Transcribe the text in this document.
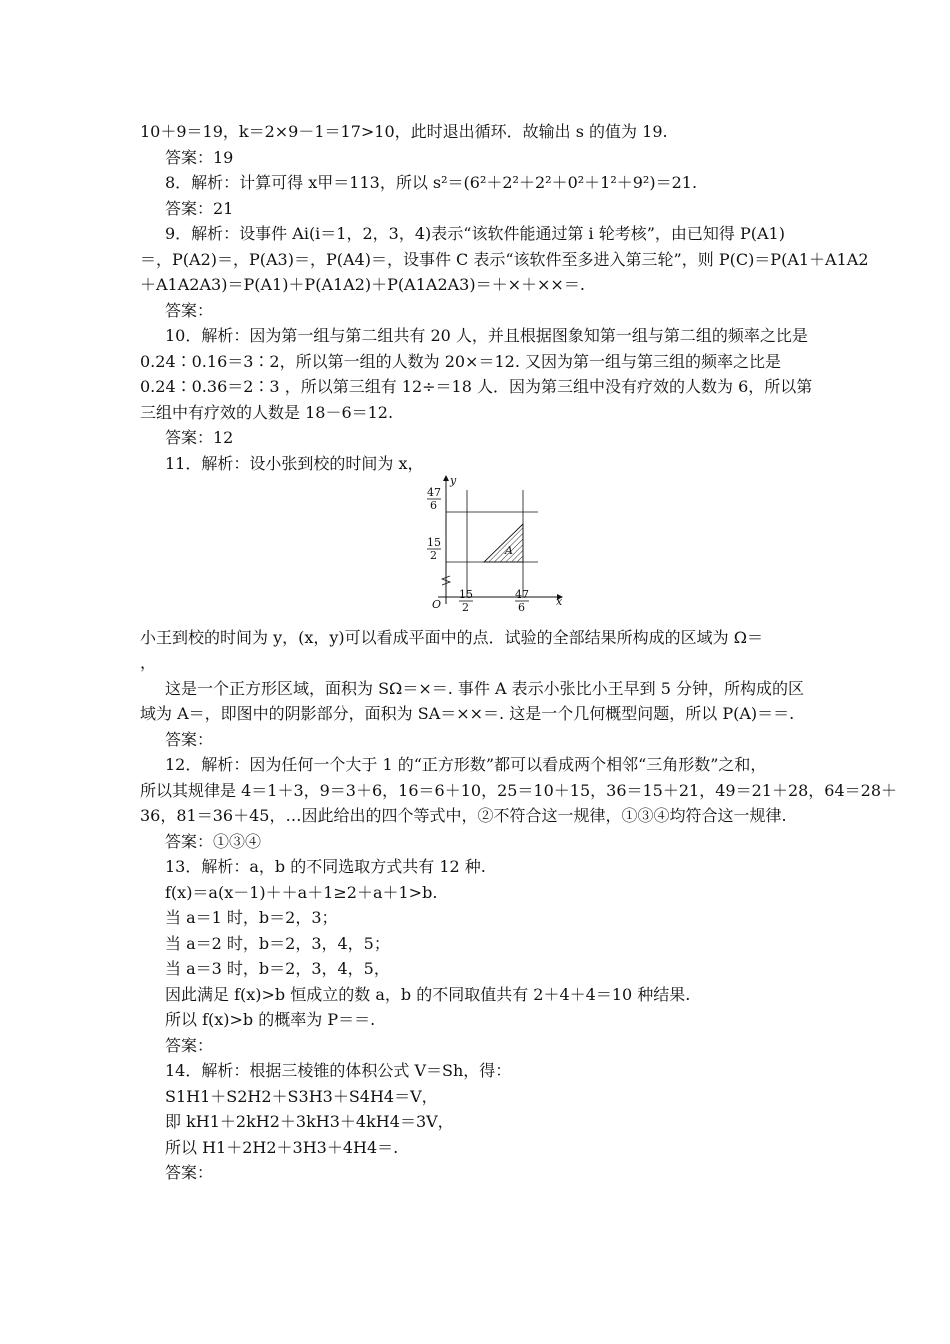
10＋9＝19，k＝2×9－1＝17>10，此时退出循环．故输出 s 的值为 19.
答案：19
8．解析：计算可得 x甲＝113，所以 s²＝(6²＋2²＋2²＋0²＋1²＋9²)＝21.
答案：21
9．解析：设事件 Ai(i＝1，2，3，4)表示“该软件能通过第 i 轮考核”，由已知得 P(A1)
＝，P(A2)＝，P(A3)＝，P(A4)＝，设事件 C 表示“该软件至多进入第三轮”，则 P(C)＝P(A1＋A1A2
＋A1A2A3)＝P(A1)＋P(A1A2)＋P(A1A2A3)＝＋×＋××＝.
答案：
10．解析：因为第一组与第二组共有 20 人，并且根据图象知第一组与第二组的频率之比是
0.24∶0.16＝3∶2，所以第一组的人数为 20×＝12. 又因为第一组与第三组的频率之比是
0.24∶0.36＝2∶3 ，所以第三组有 12÷＝18 人．因为第三组中没有疗效的人数为 6，所以第
三组中有疗效的人数是 18－6＝12.
答案：12
11．解析：设小张到校的时间为 x，
A
y
x
O
47
6
15
2
15
2
47
6
小王到校的时间为 y，(x，y)可以看成平面中的点．试验的全部结果所构成的区域为 Ω＝
，
这是一个正方形区域，面积为 SΩ＝×＝. 事件 A 表示小张比小王早到 5 分钟，所构成的区
域为 A＝，即图中的阴影部分，面积为 SA＝××＝. 这是一个几何概型问题，所以 P(A)＝＝.
答案：
12．解析：因为任何一个大于 1 的“正方形数”都可以看成两个相邻“三角形数”之和，
所以其规律是 4＝1＋3，9＝3＋6，16＝6＋10，25＝10＋15，36＝15＋21，49＝21＋28，64＝28＋
36，81＝36＋45，…因此给出的四个等式中，②不符合这一规律，①③④均符合这一规律.
答案：①③④
13．解析：a，b 的不同选取方式共有 12 种.
f(x)＝a(x－1)＋＋a＋1≥2＋a＋1>b.
当 a＝1 时，b＝2，3；
当 a＝2 时，b＝2，3，4，5；
当 a＝3 时，b＝2，3，4，5，
因此满足 f(x)>b 恒成立的数 a，b 的不同取值共有 2＋4＋4＝10 种结果.
所以 f(x)>b 的概率为 P＝＝.
答案：
14．解析：根据三棱锥的体积公式 V＝Sh，得：
S1H1＋S2H2＋S3H3＋S4H4＝V，
即 kH1＋2kH2＋3kH3＋4kH4＝3V，
所以 H1＋2H2＋3H3＋4H4＝.
答案：
